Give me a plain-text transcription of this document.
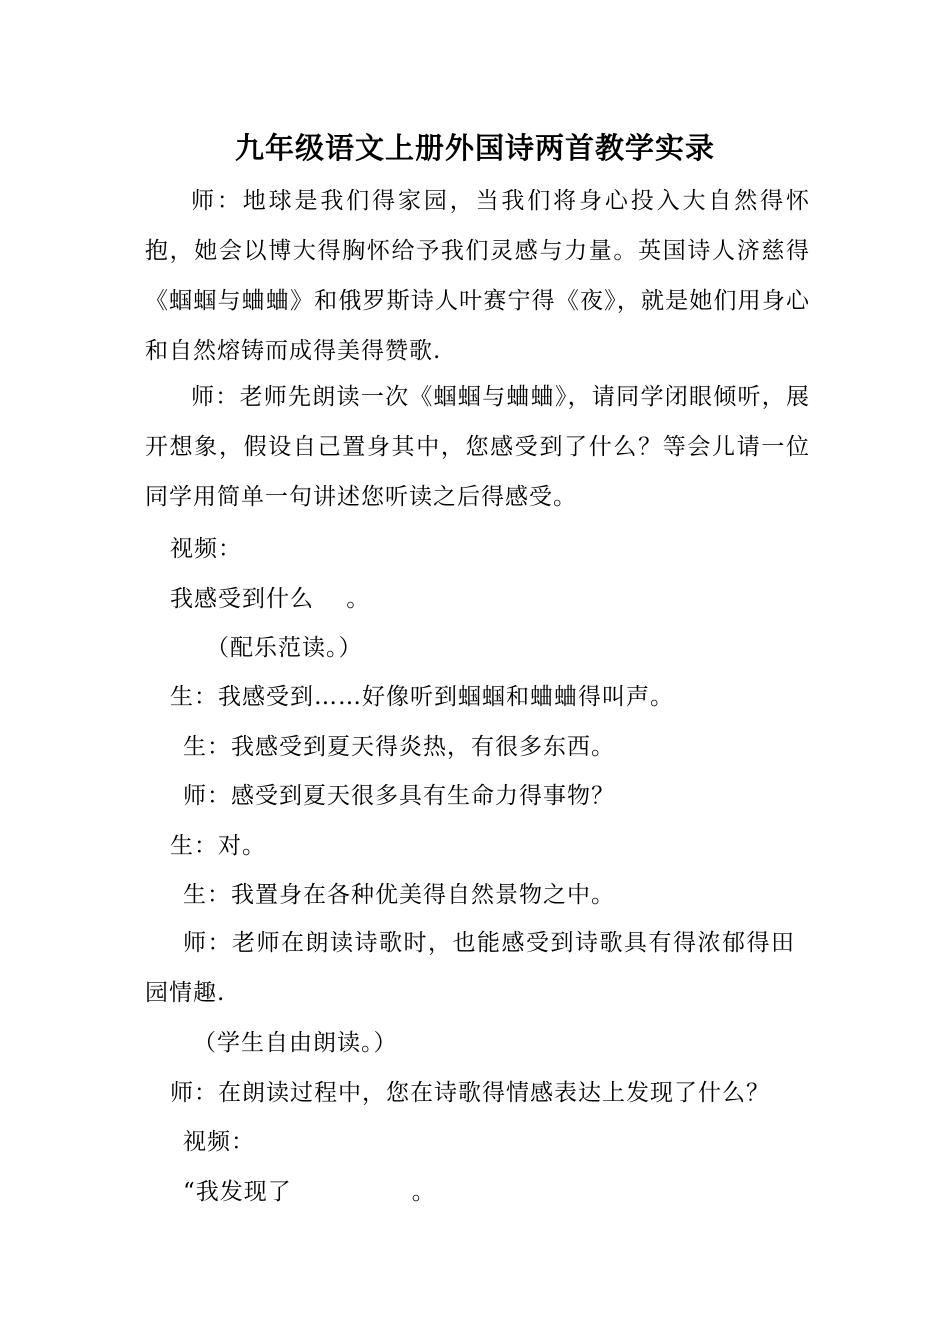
九年级语文上册外国诗两首教学实录
师：地球是我们得家园，当我们将身心投入大自然得怀抱，她会以博大得胸怀给予我们灵感与力量。英国诗人济慈得《蝈蝈与蛐蛐》和俄罗斯诗人叶赛宁得《夜》，就是她们用身心和自然熔铸而成得美得赞歌.
师：老师先朗读一次《蝈蝈与蛐蛐》，请同学闭眼倾听，展开想象，假设自己置身其中，您感受到了什么？等会儿请一位同学用简单一句讲述您听读之后得感受。
视频：
我感受到什么　 。
（配乐范读。）
生：我感受到……好像听到蝈蝈和蛐蛐得叫声。
生：我感受到夏天得炎热，有很多东西。
师：感受到夏天很多具有生命力得事物？
生：对。
生：我置身在各种优美得自然景物之中。
师：老师在朗读诗歌时，也能感受到诗歌具有得浓郁得田园情趣.
（学生自由朗读。）
师：在朗读过程中，您在诗歌得情感表达上发现了什么？
视频：
“我发现了　　　　　。
